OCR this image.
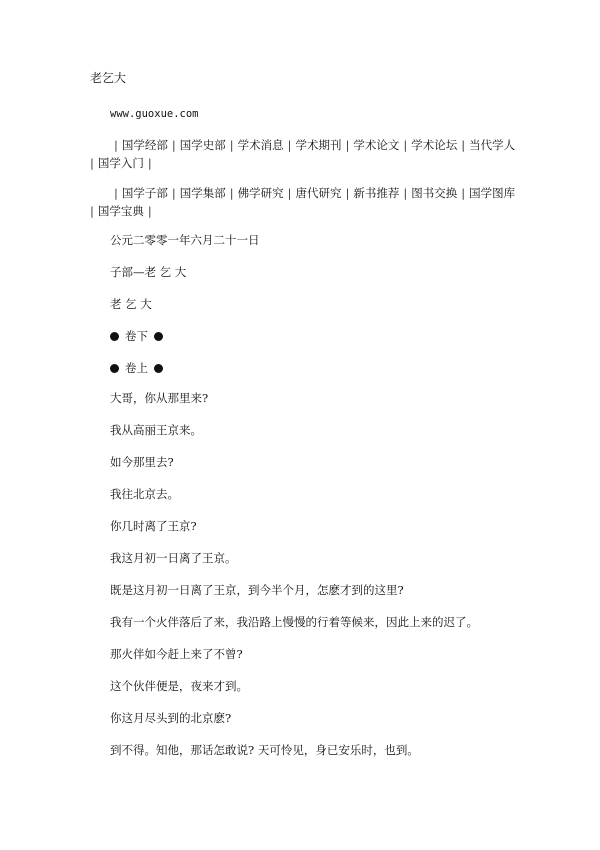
老乞大
www.guoxue.com
| 国学经部 | 国学史部 | 学术消息 | 学术期刊 | 学术论文 | 学术论坛 | 当代学人
| 国学入门 |
| 国学子部 | 国学集部 | 佛学研究 | 唐代研究 | 新书推荐 | 图书交换 | 国学图库
| 国学宝典 |
公元二零零一年六月二十一日
子部—老 乞 大
老 乞 大
卷下
卷上
大哥，你从那里来?
我从高丽王京来。
如今那里去?
我往北京去。
你几时离了王京?
我这月初一日离了王京。
既是这月初一日离了王京，到今半个月，怎麽才到的这里?
我有一个火伴落后了来，我沿路上慢慢的行着等候来，因此上来的迟了。
那火伴如今赶上来了不曾?
这个伙伴便是，夜来才到。
你这月尽头到的北京麽?
到不得。知他，那话怎敢说? 天可怜见，身已安乐时，也到。
